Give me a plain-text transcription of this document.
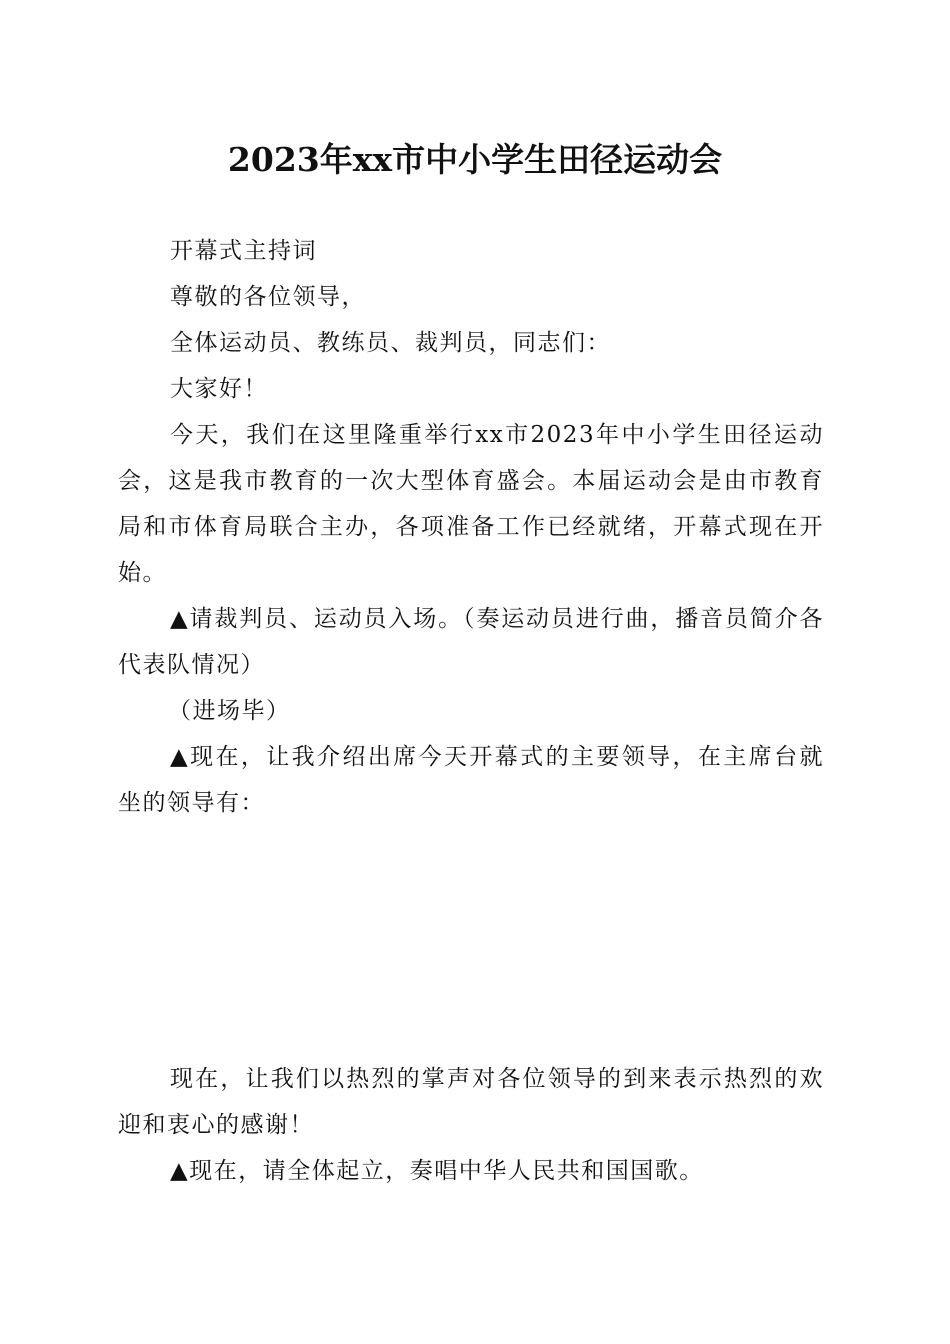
2023年xx市中小学生田径运动会

开幕式主持词

尊敬的各位领导，

全体运动员、教练员、裁判员，同志们：

大家好！

今天，我们在这里隆重举行xx市2023年中小学生田径运动会，这是我市教育的一次大型体育盛会。本届运动会是由市教育局和市体育局联合主办，各项准备工作已经就绪，开幕式现在开始。

▲请裁判员、运动员入场。（奏运动员进行曲，播音员简介各代表队情况）

（进场毕）

▲现在，让我介绍出席今天开幕式的主要领导，在主席台就坐的领导有：

现在，让我们以热烈的掌声对各位领导的到来表示热烈的欢迎和衷心的感谢！

▲现在，请全体起立，奏唱中华人民共和国国歌。
